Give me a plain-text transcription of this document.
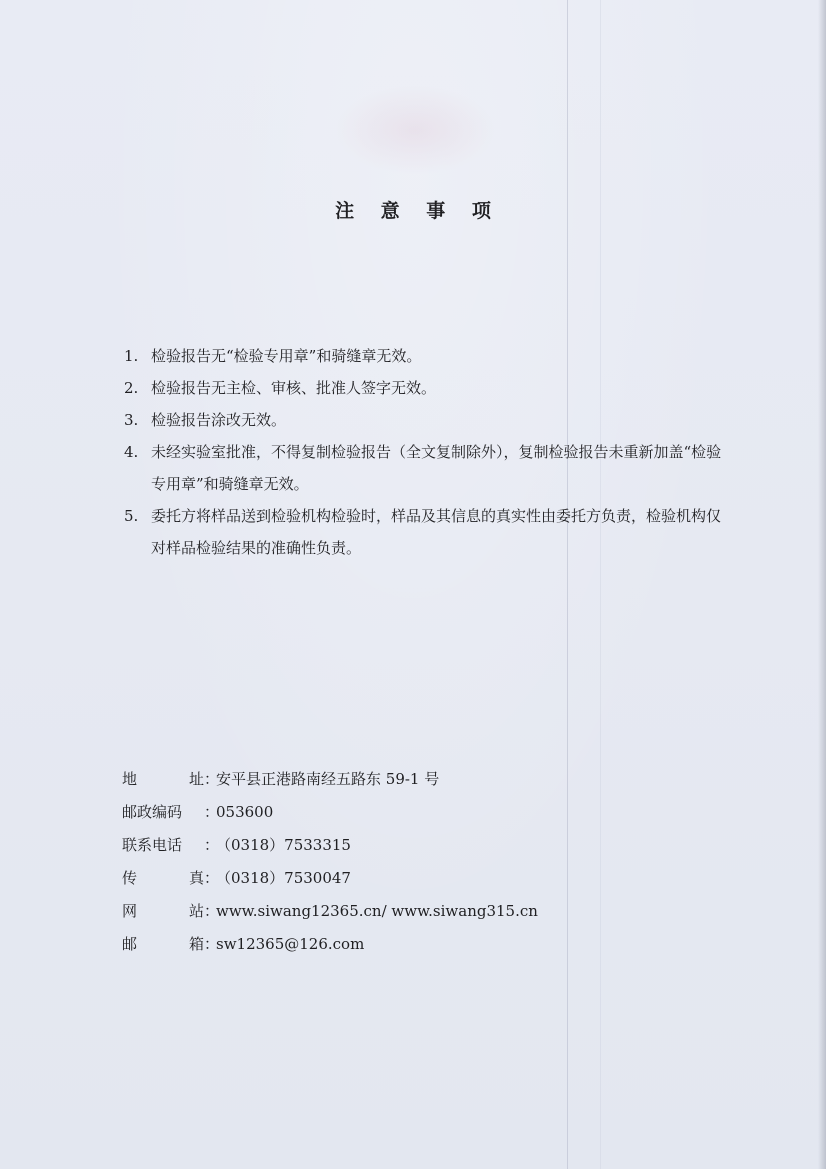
注 意 事 项
1. 检验报告无“检验专用章”和骑缝章无效。
2. 检验报告无主检、审核、批准人签字无效。
3. 检验报告涂改无效。
4. 未经实验室批准，不得复制检验报告（全文复制除外），复制检验报告未重新加盖“检验专用章”和骑缝章无效。
5. 委托方将样品送到检验机构检验时，样品及其信息的真实性由委托方负责，检验机构仅对样品检验结果的准确性负责。
地	址 ：
安平县正港路南经五路东 59-1 号
邮政编码	：
053600
联系电话	：
（0318）7533315
传	真 ：
（0318）7530047
网	站 ：
www.siwang12365.cn/ www.siwang315.cn
邮	箱 ：
sw12365@126.com
